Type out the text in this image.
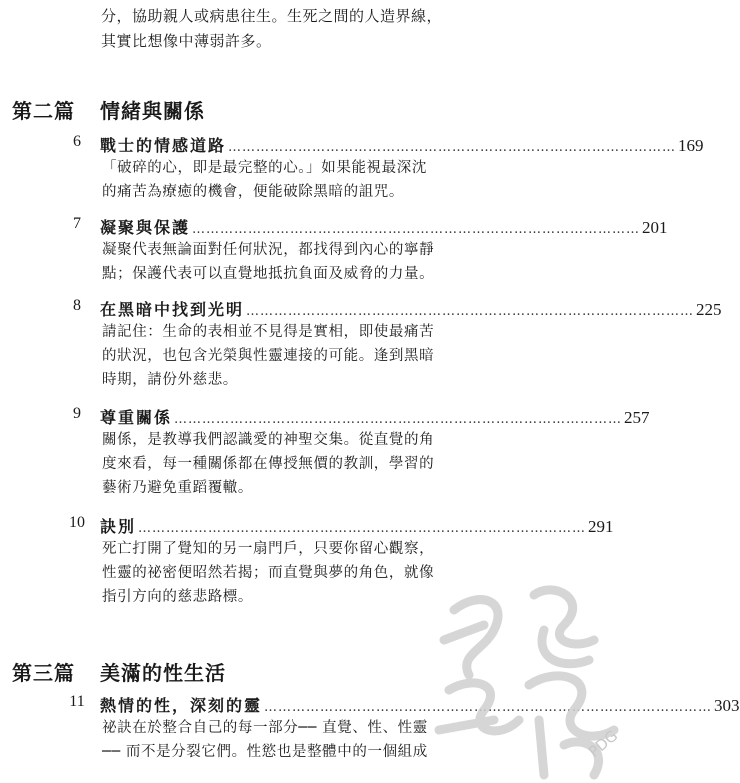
分，協助親人或病患往生。生死之間的人造界線，
其實比想像中薄弱許多。
第二篇 情緒與關係
6	戰士的情感道路 …………………………………………………………………………………… 169
「破碎的心，即是最完整的心。」如果能視最深沈
的痛苦為療癒的機會，便能破除黑暗的詛咒。
7	凝聚與保護 …………………………………………………………………………………… 201
凝聚代表無論面對任何狀況，都找得到內心的寧靜
點；保護代表可以直覺地抵抗負面及威脅的力量。
8	在黑暗中找到光明 …………………………………………………………………………………… 225
請記住：生命的表相並不見得是實相，即使最痛苦
的狀況，也包含光榮與性靈連接的可能。逢到黑暗
時期，請份外慈悲。
9	尊重關係 …………………………………………………………………………………… 257
關係，是教導我們認識愛的神聖交集。從直覺的角
度來看，每一種關係都在傳授無價的教訓，學習的
藝術乃避免重蹈覆轍。
10 訣別 …………………………………………………………………………………… 291
死亡打開了覺知的另一扇門戶，只要你留心觀察，
性靈的祕密便昭然若揭；而直覺與夢的角色，就像
指引方向的慈悲路標。
第三篇 美滿的性生活
11 熱情的性，深刻的靈 …………………………………………………………………………………… 303
祕訣在於整合自己的每一部分── 直覺、性、性靈
── 而不是分裂它們。性慾也是整體中的一個組成	PDG
